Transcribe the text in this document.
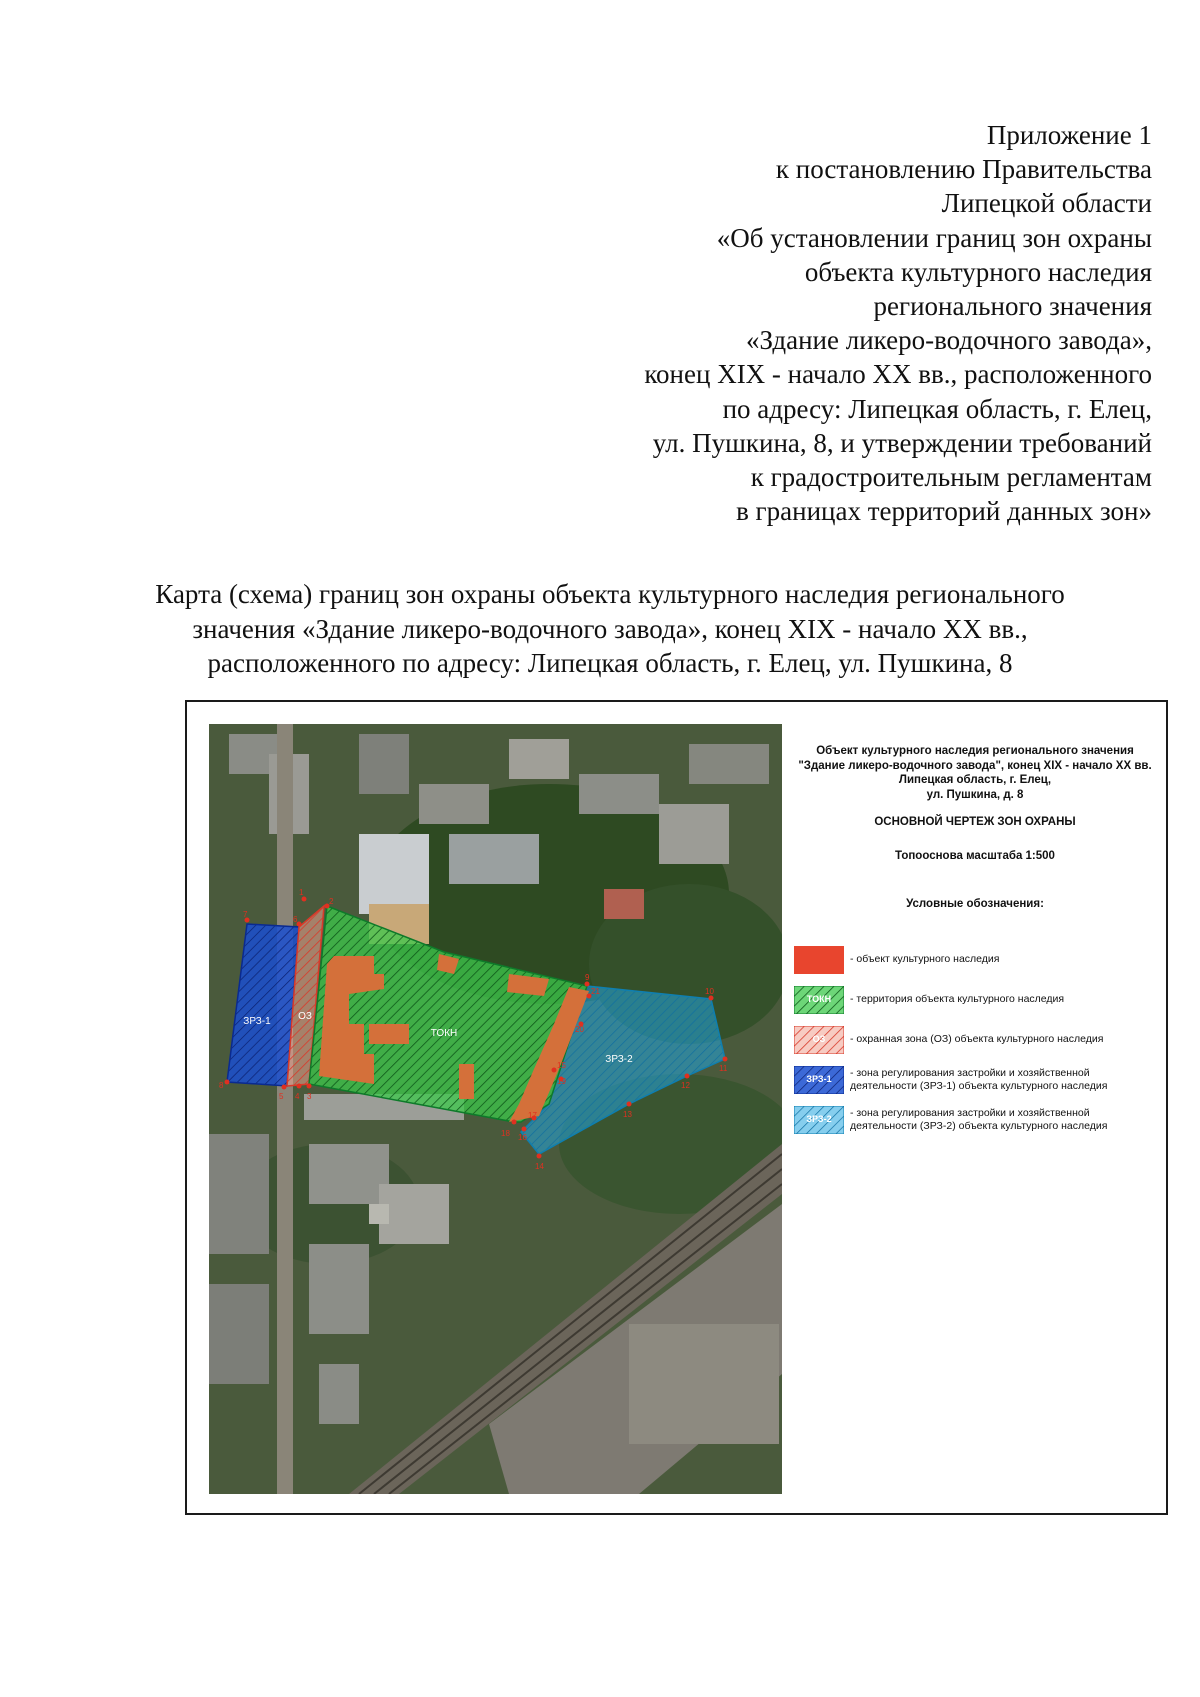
Приложение 1
к постановлению Правительства
Липецкой области
«Об установлении границ зон охраны
объекта культурного наследия
регионального значения
«Здание ликеро-водочного завода»,
конец XIX - начало XX вв., расположенного
по адресу: Липецкая область, г. Елец,
ул. Пушкина, 8, и утверждении требований
к градостроительным регламентам
в границах территорий данных зон»
Карта (схема) границ зон охраны объекта культурного наследия регионального
значения «Здание ликеро-водочного завода», конец XIX - начало XX вв.,
расположенного по адресу: Липецкая область, г. Елец, ул. Пушкина, 8
ЗРЗ-1	ОЗ
ТОКН
ЗРЗ-2
1
2
3
4
5
6
7
8
9
10
11
12
13
14
15
16
17
18
19
20
21
Объект культурного наследия регионального значения
"Здание ликеро-водочного завода", конец XIX - начало XX вв.
Липецкая область, г. Елец,
ул. Пушкина, д. 8
ОСНОВНОЙ ЧЕРТЕЖ ЗОН ОХРАНЫ
Топооснова масштаба 1:500
Условные обозначения:
- объект культурного наследия
ТОКН	- территория объекта культурного наследия
ОЗ	- охранная зона (ОЗ) объекта культурного наследия
ЗРЗ-1	- зона регулирования застройки и хозяйственной
деятельности (ЗРЗ-1) объекта культурного наследия
ЗРЗ-2	- зона регулирования застройки и хозяйственной
деятельности (ЗРЗ-2) объекта культурного наследия
